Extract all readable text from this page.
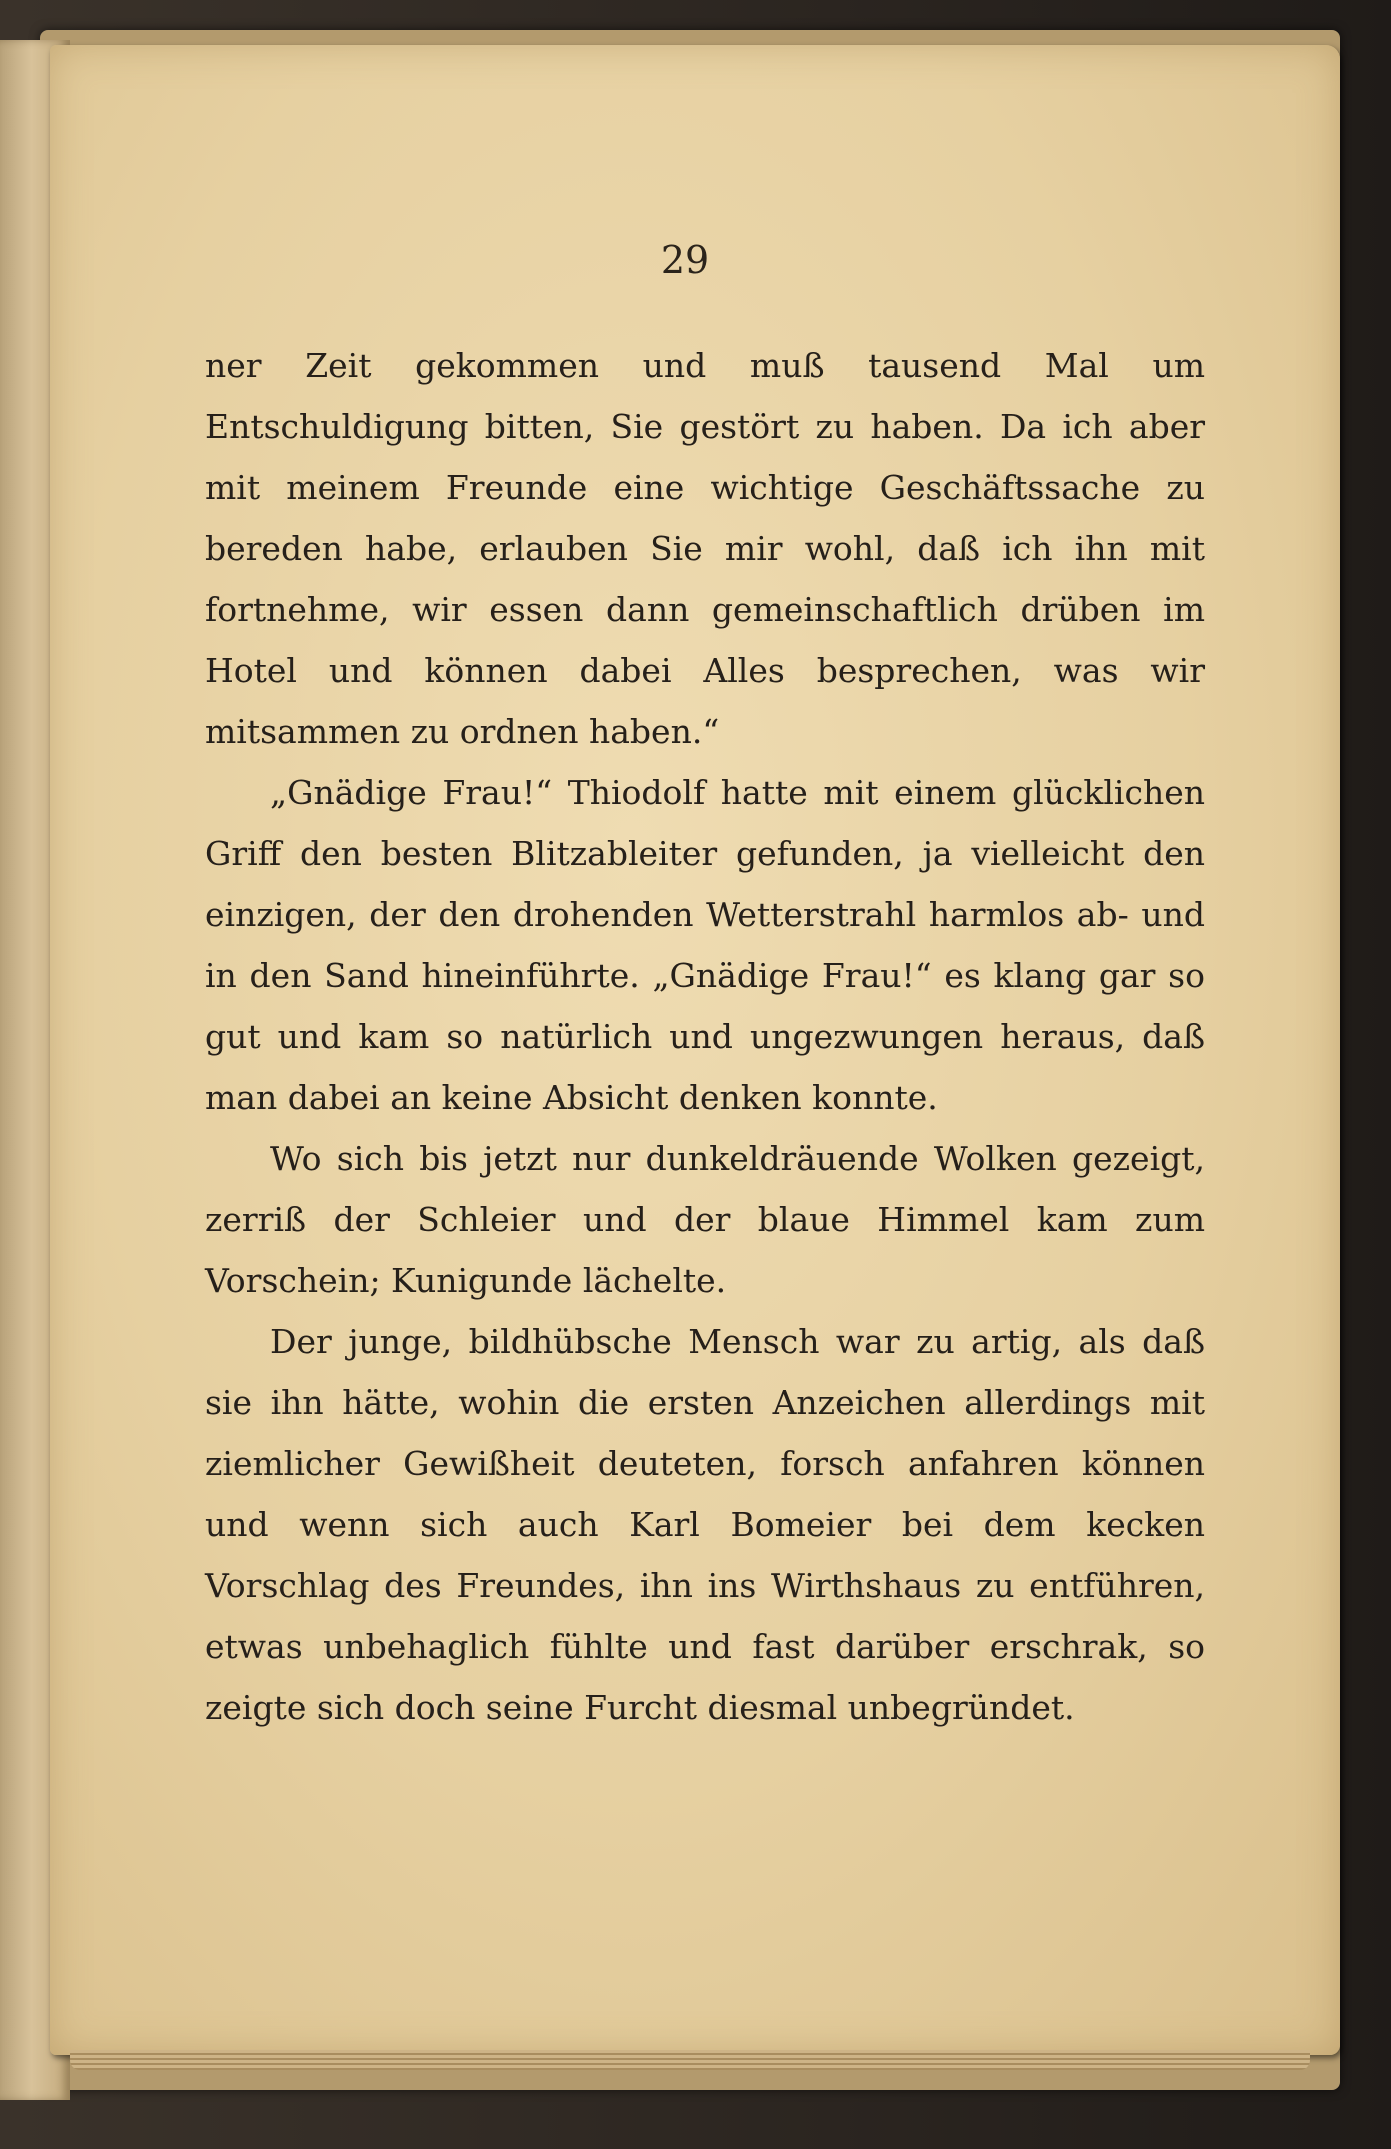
29

ner Zeit gekommen und muß tausend Mal um Entschuldigung bitten, Sie gestört zu haben. Da ich aber mit meinem Freunde eine wichtige Geschäftssache zu bereden habe, erlauben Sie mir wohl, daß ich ihn mit fortnehme, wir essen dann gemeinschaftlich drüben im Hotel und können dabei Alles besprechen, was wir mitsammen zu ordnen haben.“

„Gnädige Frau!“ Thiodolf hatte mit einem glücklichen Griff den besten Blitzableiter gefunden, ja vielleicht den einzigen, der den drohenden Wetterstrahl harmlos ab- und in den Sand hineinführte. „Gnädige Frau!“ es klang gar so gut und kam so natürlich und ungezwungen heraus, daß man dabei an keine Absicht denken konnte.

Wo sich bis jetzt nur dunkeldräuende Wolken gezeigt, zerriß der Schleier und der blaue Himmel kam zum Vorschein; Kunigunde lächelte.

Der junge, bildhübsche Mensch war zu artig, als daß sie ihn hätte, wohin die ersten Anzeichen allerdings mit ziemlicher Gewißheit deuteten, forsch anfahren können und wenn sich auch Karl Bomeier bei dem kecken Vorschlag des Freundes, ihn ins Wirthshaus zu entführen, etwas unbehaglich fühlte und fast darüber erschrak, so zeigte sich doch seine Furcht diesmal unbegründet.
